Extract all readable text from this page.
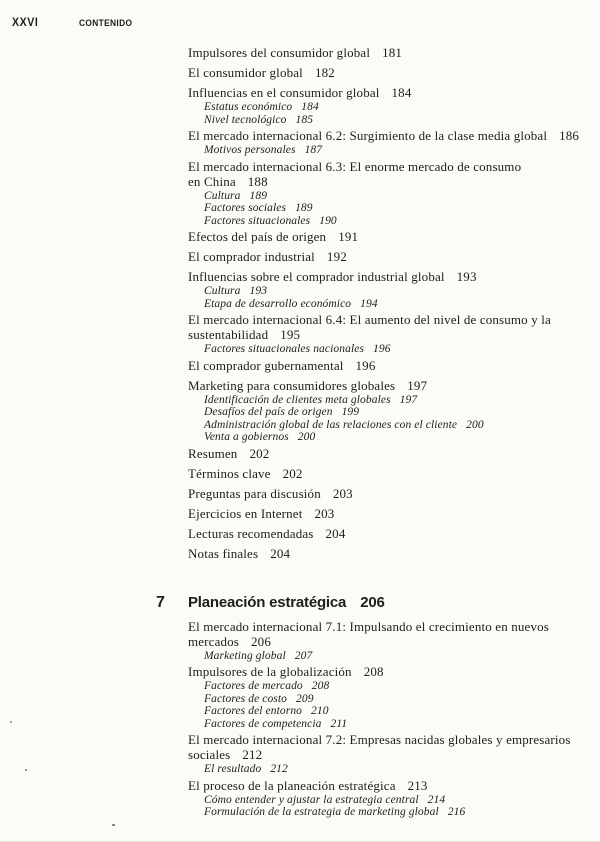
XXVI	CONTENIDO
Impulsores del consumidor global 181
El consumidor global 182
Influencias en el consumidor global 184
Estatus económico 184
Nivel tecnológico 185
El mercado internacional 6.2: Surgimiento de la clase media global 186
Motivos personales 187
El mercado internacional 6.3: El enorme mercado de consumo
en China 188
Cultura 189
Factores sociales 189
Factores situacionales 190
Efectos del país de origen 191
El comprador industrial 192
Influencias sobre el comprador industrial global 193
Cultura 193
Etapa de desarrollo económico 194
El mercado internacional 6.4: El aumento del nivel de consumo y la
sustentabilidad 195
Factores situacionales nacionales 196
El comprador gubernamental 196
Marketing para consumidores globales 197
Identificación de clientes meta globales 197
Desafíos del país de origen 199
Administración global de las relaciones con el cliente 200
Venta a gobiernos 200
Resumen 202
Términos clave 202
Preguntas para discusión 203
Ejercicios en Internet 203
Lecturas recomendadas 204
Notas finales 204
7 Planeación estratégica 206
El mercado internacional 7.1: Impulsando el crecimiento en nuevos
mercados 206
Marketing global 207
Impulsores de la globalización 208
Factores de mercado 208
Factores de costo 209
Factores del entorno 210
Factores de competencia 211
El mercado internacional 7.2: Empresas nacidas globales y empresarios
sociales 212
El resultado 212
El proceso de la planeación estratégica 213
Cómo entender y ajustar la estrategia central 214
Formulación de la estrategia de marketing global 216
